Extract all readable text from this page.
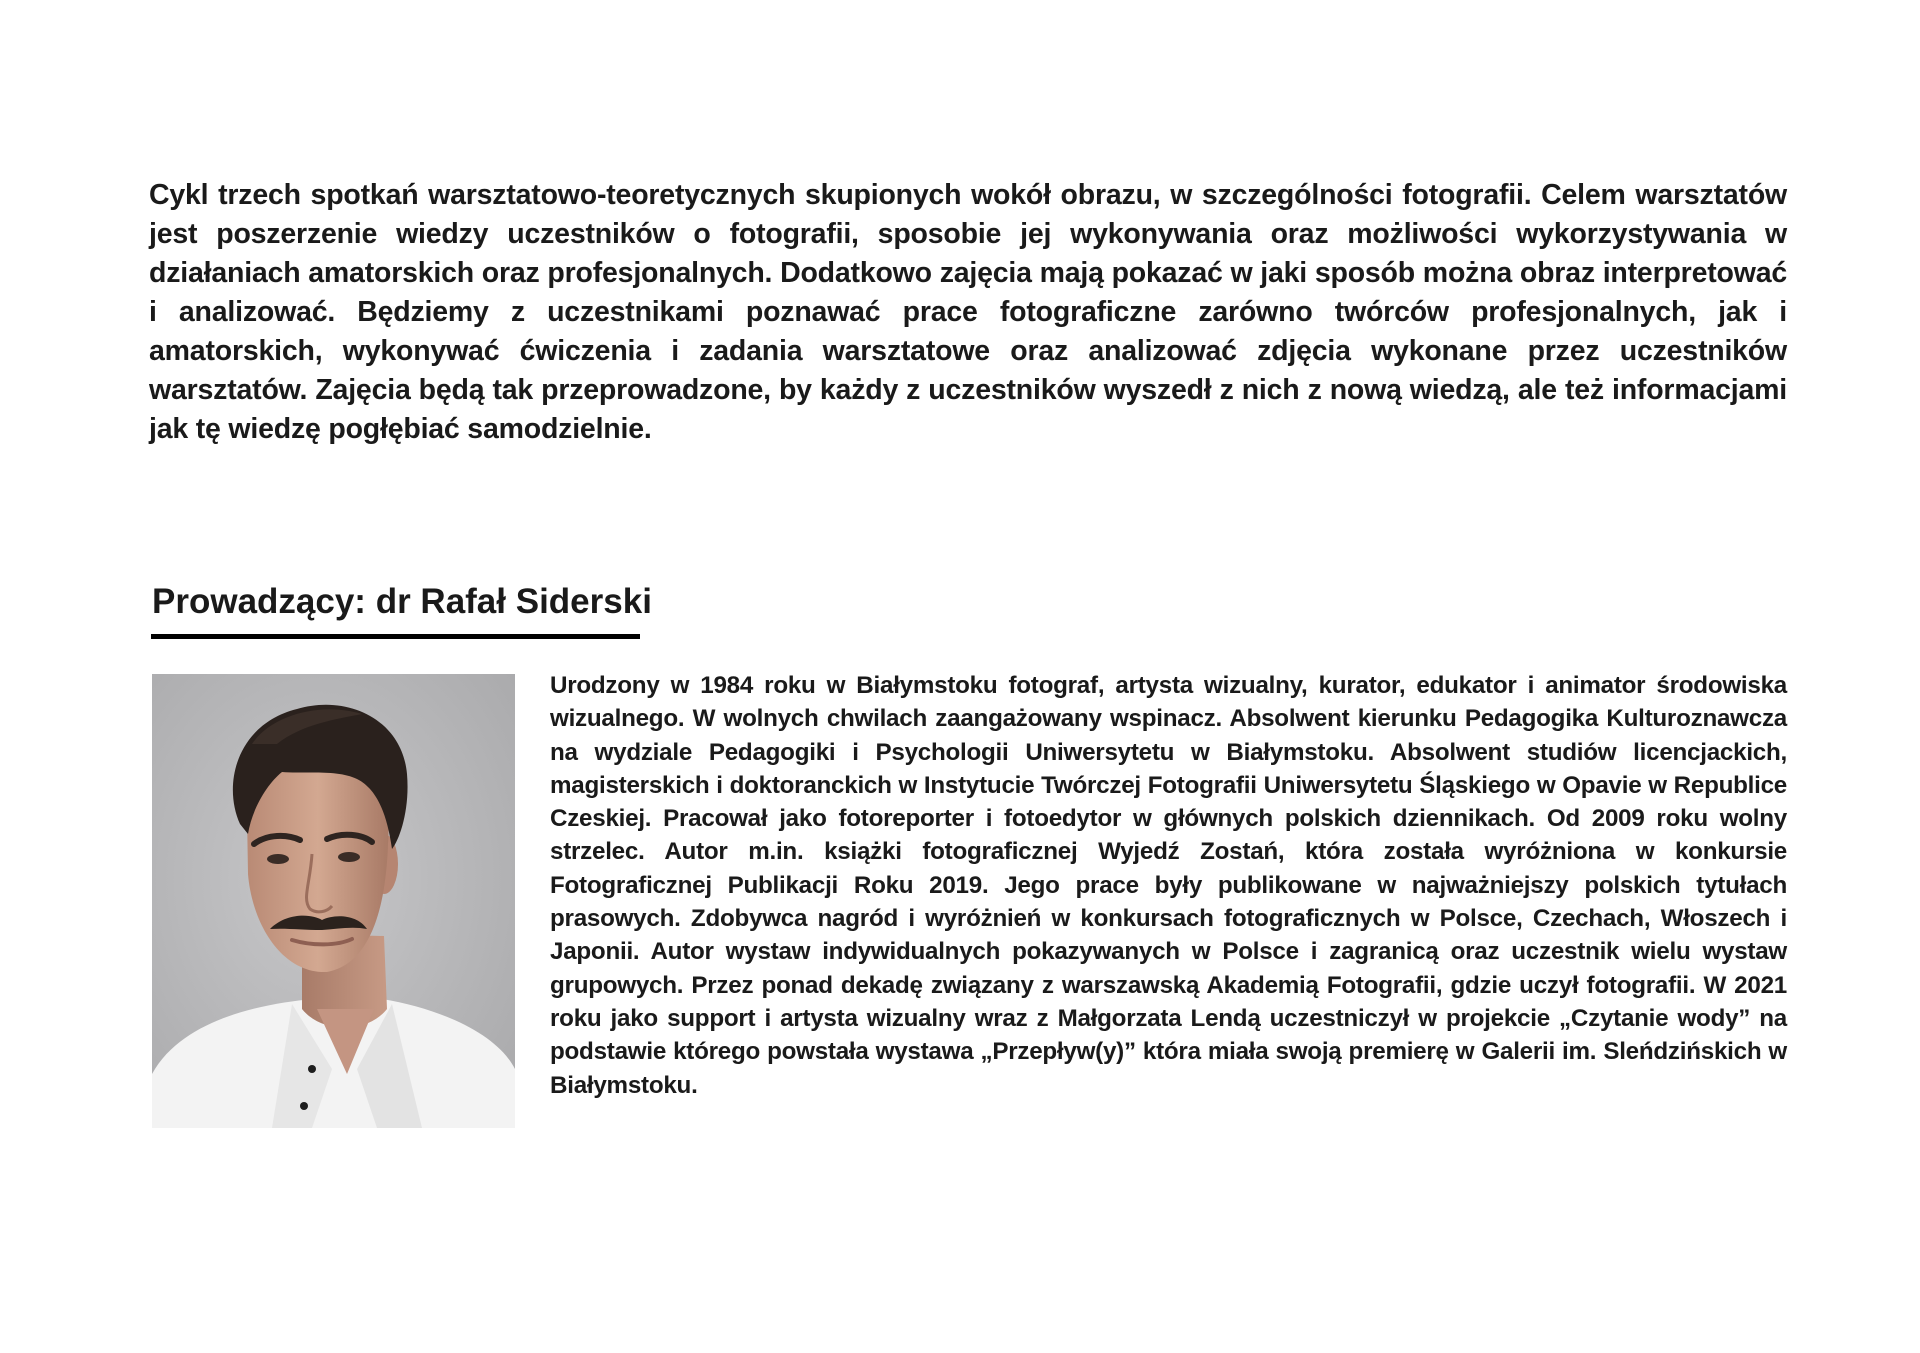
Cykl trzech spotkań warsztatowo-teoretycznych skupionych wokół obrazu, w szczególności fotografii. Celem warsztatów jest poszerzenie wiedzy uczestników o fotografii, sposobie jej wykonywania oraz możliwości wykorzystywania w działaniach amatorskich oraz profesjonalnych. Dodatkowo zajęcia mają pokazać w jaki sposób można obraz interpretować i analizować. Będziemy z uczestnikami poznawać prace fotograficzne zarówno twórców profesjonalnych, jak i amatorskich, wykonywać ćwiczenia i zadania warsztatowe oraz analizować zdjęcia wykonane przez uczestników warsztatów. Zajęcia będą tak przeprowadzone, by każdy z uczestników wyszedł z nich z nową wiedzą, ale też informacjami jak tę wiedzę pogłębiać samodzielnie.

Prowadzący: dr Rafał Siderski

Urodzony w 1984 roku w Białymstoku fotograf, artysta wizualny, kurator, edukator i animator środowiska wizualnego. W wolnych chwilach zaangażowany wspinacz. Absolwent kierunku Pedagogika Kulturoznawcza na wydziale Pedagogiki i Psychologii Uniwersytetu w Białymstoku. Absolwent studiów licencjackich, magisterskich i doktoranckich w Instytucie Twórczej Fotografii Uniwersytetu Śląskiego w Opavie w Republice Czeskiej. Pracował jako fotoreporter i fotoedytor w głównych polskich dziennikach. Od 2009 roku wolny strzelec. Autor m.in. książki fotograficznej Wyjedź Zostań, która została wyróżniona w konkursie Fotograficznej Publikacji Roku 2019. Jego prace były publikowane w najważniejszy polskich tytułach prasowych. Zdobywca nagród i wyróżnień w konkursach fotograficznych w Polsce, Czechach, Włoszech i Japonii. Autor wystaw indywidualnych pokazywanych w Polsce i zagranicą oraz uczestnik wielu wystaw grupowych. Przez ponad dekadę związany z warszawską Akademią Fotografii, gdzie uczył fotografii. W 2021 roku jako support i artysta wizualny wraz z Małgorzata Lendą uczestniczył w projekcie „Czytanie wody” na podstawie którego powstała wystawa „Przepływ(y)” która miała swoją premierę w Galerii im. Sleńdzińskich w Białymstoku.
